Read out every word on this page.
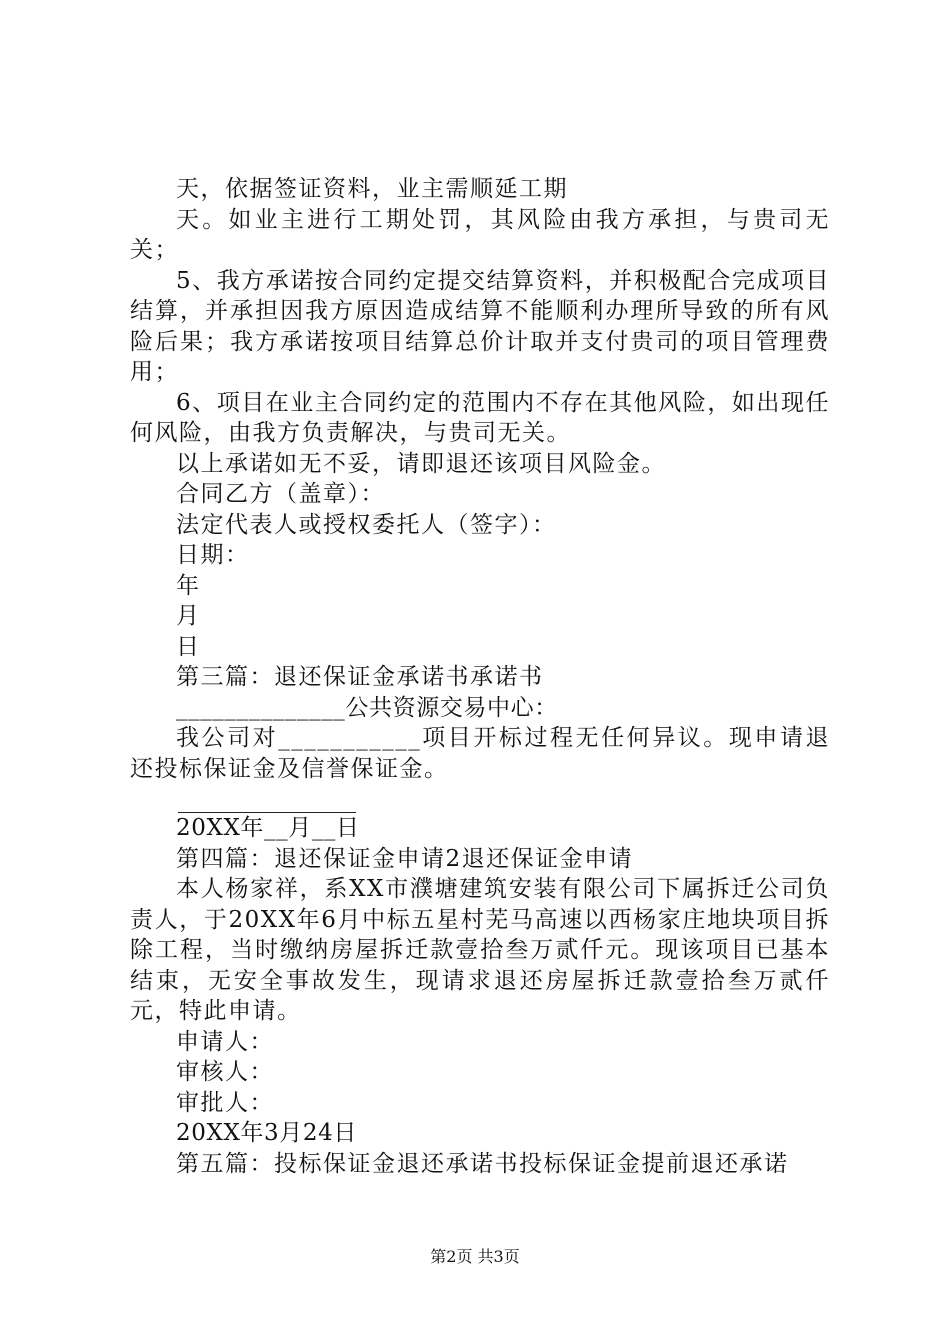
天，依据签证资料，业主需顺延工期

天。如业主进行工期处罚，其风险由我方承担，与贵司无关；

5、我方承诺按合同约定提交结算资料，并积极配合完成项目结算，并承担因我方原因造成结算不能顺利办理所导致的所有风险后果；我方承诺按项目结算总价计取并支付贵司的项目管理费用；

6、项目在业主合同约定的范围内不存在其他风险，如出现任何风险，由我方负责解决，与贵司无关。

以上承诺如无不妥，请即退还该项目风险金。

合同乙方（盖章）：

法定代表人或授权委托人（签字）：

日期：

年

月

日

第三篇：退还保证金承诺书承诺书

______________公共资源交易中心：

我公司对___________项目开标过程无任何异议。现申请退还投标保证金及信誉保证金。

20XX年__月__日

第四篇：退还保证金申请2退还保证金申请

本人杨家祥，系XX市濮塘建筑安装有限公司下属拆迁公司负责人，于20XX年6月中标五星村芜马高速以西杨家庄地块项目拆除工程，当时缴纳房屋拆迁款壹拾叁万贰仟元。现该项目已基本结束，无安全事故发生，现请求退还房屋拆迁款壹拾叁万贰仟元，特此申请。

申请人：

审核人：

审批人：

20XX年3月24日

第五篇：投标保证金退还承诺书投标保证金提前退还承诺

第2页 共3页
